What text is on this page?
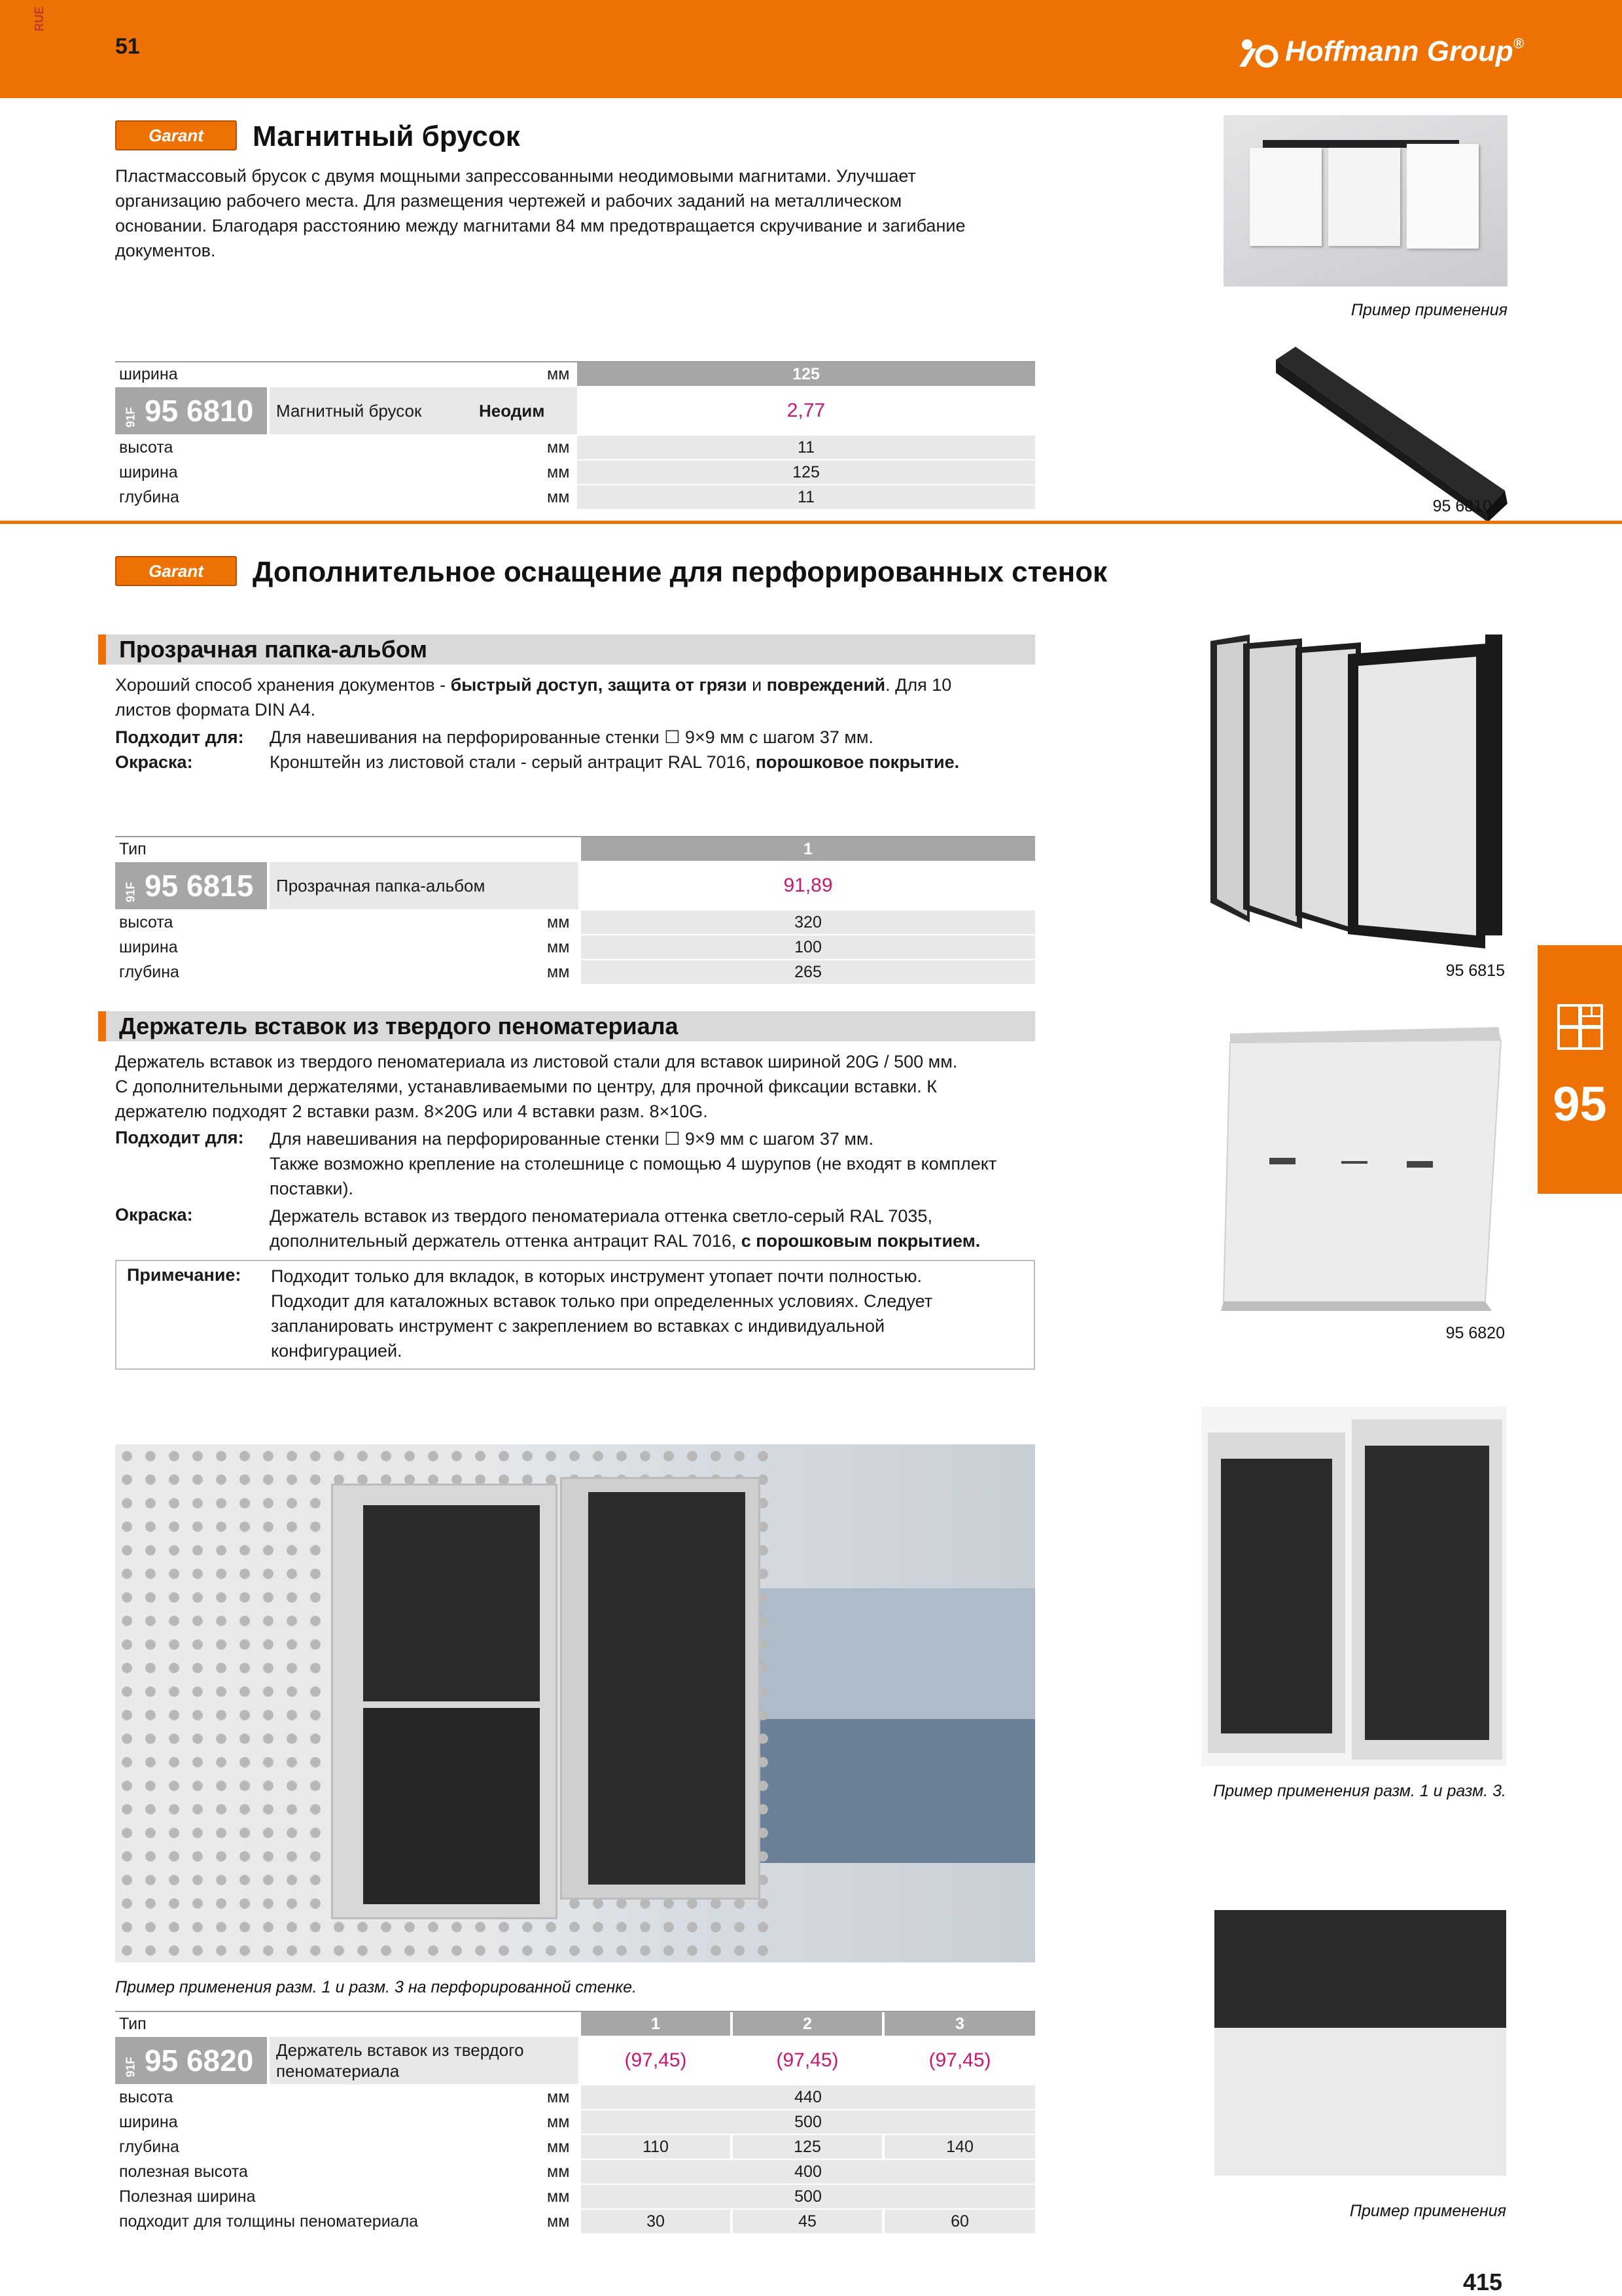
RUE
51	Hoffmann Group®
Garant	Магнитный брусок
Пластмассовый брусок с двумя мощными запрессованными неодимовыми магнитами. Улучшает
организацию рабочего места. Для размещения чертежей и рабочих заданий на металлическом
основании. Благодаря расстоянию между магнитами 84 мм предотвращается скручивание и загибание
документов.
Пример применения
95 6810
ширина	мм	125
91F 95 6810	Магнитный брусок	Неодим	2,77
высота	мм	11
ширина	мм	125
глубина	мм	11
Garant	Дополнительное оснащение для перфорированных стенок
Прозрачная папка-альбом
Хороший способ хранения документов - быстрый доступ, защита от грязи и повреждений. Для 10
листов формата DIN A4.
Подходит для: Для навешивания на перфорированные стенки ☐ 9×9 мм с шагом 37 мм.
Окраска:	Кронштейн из листовой стали - серый антрацит RAL 7016, порошковое покрытие.
95 6815
Тип	1
91F 95 6815	Прозрачная папка-альбом	91,89
высота	мм	320
ширина	мм	100
глубина	мм	265
Держатель вставок из твердого пеноматериала
Держатель вставок из твердого пеноматериала из листовой стали для вставок шириной 20G / 500 мм.
С дополнительными держателями, устанавливаемыми по центру, для прочной фиксации вставки. К
держателю подходят 2 вставки разм. 8×20G или 4 вставки разм. 8×10G.
Подходит для: Для навешивания на перфорированные стенки ☐ 9×9 мм с шагом 37 мм.
Также возможно крепление на столешнице с помощью 4 шурупов (не входят в комплект
поставки).
Окраска:	Держатель вставок из твердого пеноматериала оттенка светло-серый RAL 7035,
дополнительный держатель оттенка антрацит RAL 7016, с порошковым покрытием.
Примечание: Подходит только для вкладок, в которых инструмент утопает почти полностью.
Подходит для каталожных вставок только при определенных условиях. Следует
запланировать инструмент с закреплением во вставках с индивидуальной
конфигурацией.
95 6820
Пример применения разм. 1 и разм. 3 на перфорированной стенке.
Пример применения разм. 1 и разм. 3.
Пример применения
Тип	1	2	3
91F 95 6820	Держатель вставок из твердого
пеноматериала	(97,45)	(97,45)	(97,45)
высота	мм	440
ширина	мм	500
глубина	мм	110	125	140
полезная высота	мм	400
Полезная ширина	мм	500
подходит для толщины пеноматериала	мм	30	45	60
95
415
